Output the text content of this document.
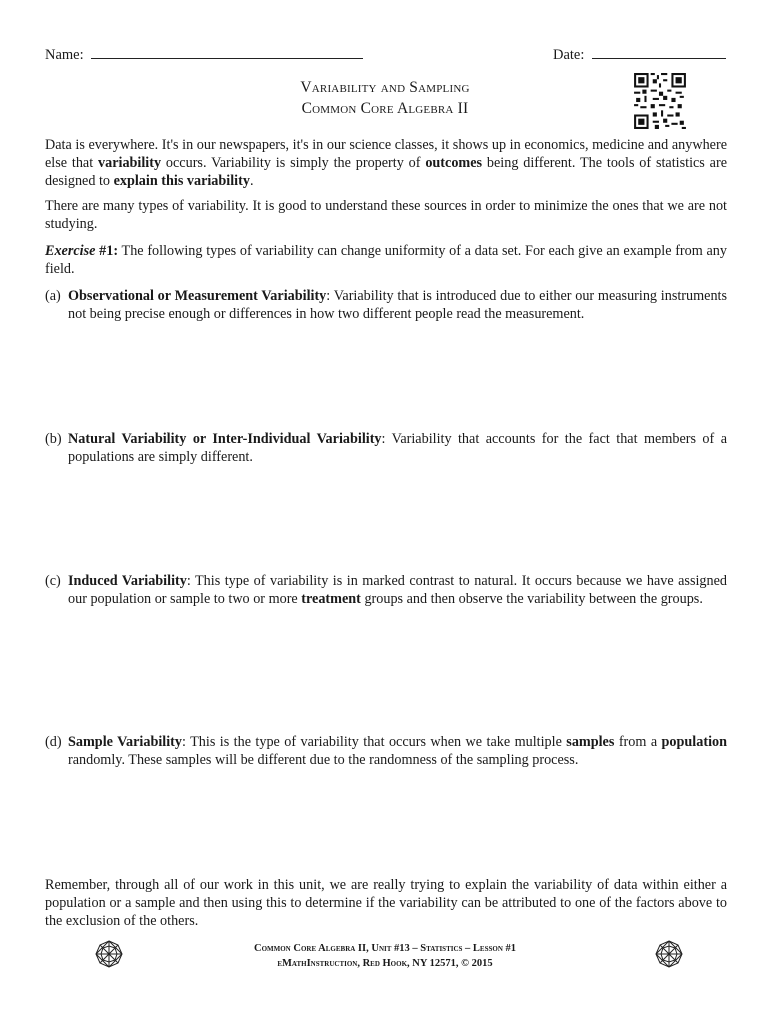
Name:	Date:
Variability and Sampling
Common Core Algebra II
Data is everywhere. It's in our newspapers, it's in our science classes, it shows up in economics, medicine and anywhere else that variability occurs. Variability is simply the property of outcomes being different. The tools of statistics are designed to explain this variability.
There are many types of variability. It is good to understand these sources in order to minimize the ones that we are not studying.
Exercise #1: The following types of variability can change uniformity of a data set. For each give an example from any field.
(a) Observational or Measurement Variability: Variability that is introduced due to either our measuring instruments not being precise enough or differences in how two different people read the measurement.
(b) Natural Variability or Inter-Individual Variability: Variability that accounts for the fact that members of a populations are simply different.
(c) Induced Variability: This type of variability is in marked contrast to natural. It occurs because we have assigned our population or sample to two or more treatment groups and then observe the variability between the groups.
(d) Sample Variability: This is the type of variability that occurs when we take multiple samples from a population randomly. These samples will be different due to the randomness of the sampling process.
Remember, through all of our work in this unit, we are really trying to explain the variability of data within either a population or a sample and then using this to determine if the variability can be attributed to one of the factors above to the exclusion of the others.
Common Core Algebra II, Unit #13 – Statistics – Lesson #1
eMathInstruction, Red Hook, NY 12571, © 2015
